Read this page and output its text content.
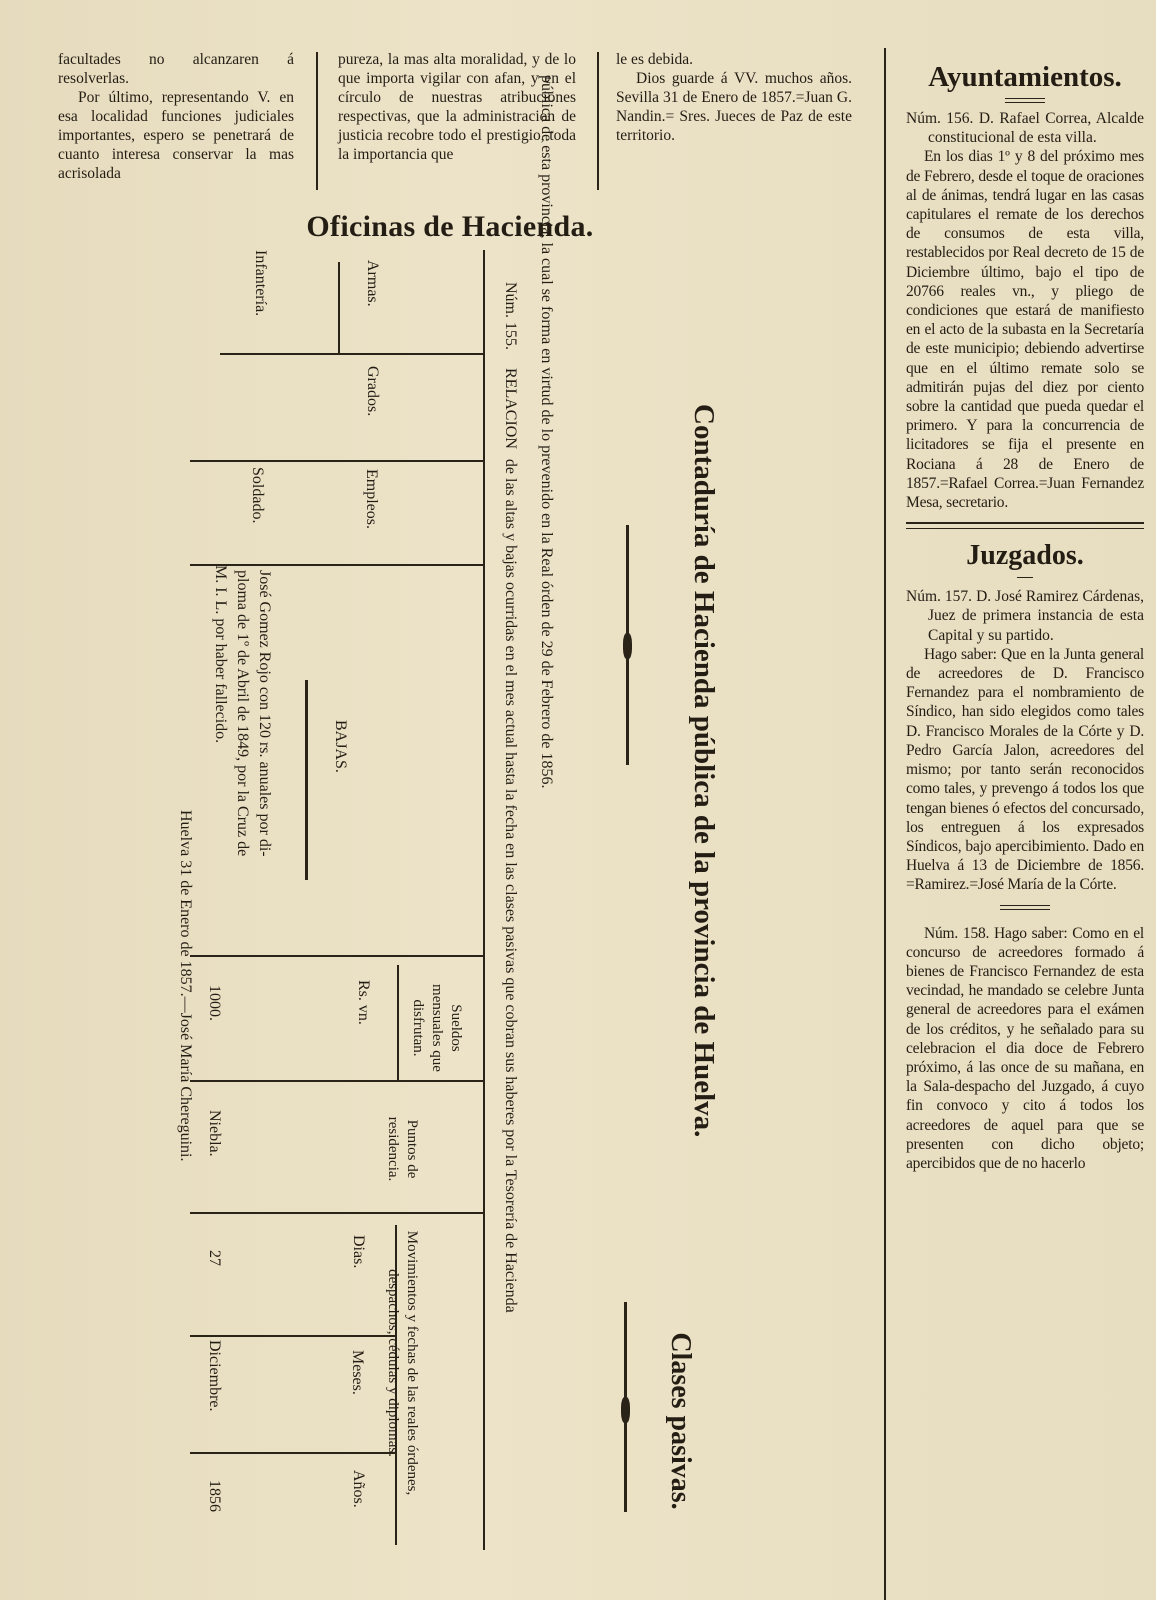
facultades no alcanzaren á resolverlas.

Por último, representando V. en esa localidad funciones judiciales importantes, espero se penetrará de cuanto interesa conservar la mas acrisolada

pureza, la mas alta moralidad, y de lo que importa vigilar con afan, y en el círculo de nuestras atribuciones respectivas, que la administracion de justicia recobre todo el prestigio, toda la importancia que

le es debida.

Dios guarde á VV. muchos años. Sevilla 31 de Enero de 1857.=Juan G. Nandin.= Sres. Jueces de Paz de este territorio.

Oficinas de Hacienda.
Contaduría de Hacienda pública de la provincia de Huelva.
Clases pasivas.
Núm. 155. RELACION de las altas y bajas ocurridas en el mes actual hasta la fecha en las clases pasivas que cobran sus haberes por la Tesorería de Hacienda
pública de esta provincia, la cual se forma en virtud de lo prevenido en la Real órden de 29 de Febrero de 1856.
Armas.
Grados.
Empleos.
BAJAS.
Sueldos mensuales que disfrutan.
Rs. vn.
Puntos de residencia.
Movimientos y fechas de las reales órdenes, despachos, cédulas y diplomas.
Dias.
Meses.
Años.
Infantería.
Soldado.
José Gomez Rojo con 120 rs. anuales por di-
ploma de 1º de Abril de 1849, por la Cruz de
M. I. L. por haber fallecido.
1000.
Niebla.
27
Diciembre.
1856
Huelva 31 de Enero de 1857.—José María Chereguini.
Ayuntamientos.

Núm. 156. D. Rafael Correa, Alcalde constitucional de esta villa.

En los dias 1º y 8 del próximo mes de Febrero, desde el toque de oraciones al de ánimas, tendrá lugar en las casas capitulares el remate de los derechos de consumos de esta villa, restablecidos por Real decreto de 15 de Diciembre último, bajo el tipo de 20766 reales vn., y pliego de condiciones que estará de manifiesto en el acto de la subasta en la Secretaría de este municipio; debiendo advertirse que en el último remate solo se admitirán pujas del diez por ciento sobre la cantidad que pueda quedar el primero. Y para la concurrencia de licitadores se fija el presente en Rociana á 28 de Enero de 1857.=Rafael Correa.=Juan Fernandez Mesa, secretario.

Juzgados.

Núm. 157. D. José Ramirez Cárdenas, Juez de primera instancia de esta Capital y su partido.

Hago saber: Que en la Junta general de acreedores de D. Francisco Fernandez para el nombramiento de Síndico, han sido elegidos como tales D. Francisco Morales de la Córte y D. Pedro García Jalon, acreedores del mismo; por tanto serán reconocidos como tales, y prevengo á todos los que tengan bienes ó efectos del concursado, los entreguen á los expresados Síndicos, bajo apercibimiento. Dado en Huelva á 13 de Diciembre de 1856. =Ramirez.=José María de la Córte.

Núm. 158. Hago saber: Como en el concurso de acreedores formado á bienes de Francisco Fernandez de esta vecindad, he mandado se celebre Junta general de acreedores para el exámen de los créditos, y he señalado para su celebracion el dia doce de Febrero próximo, á las once de su mañana, en la Sala-despacho del Juzgado, á cuyo fin convoco y cito á todos los acreedores de aquel para que se presenten con dicho objeto; apercibidos que de no hacerlo
